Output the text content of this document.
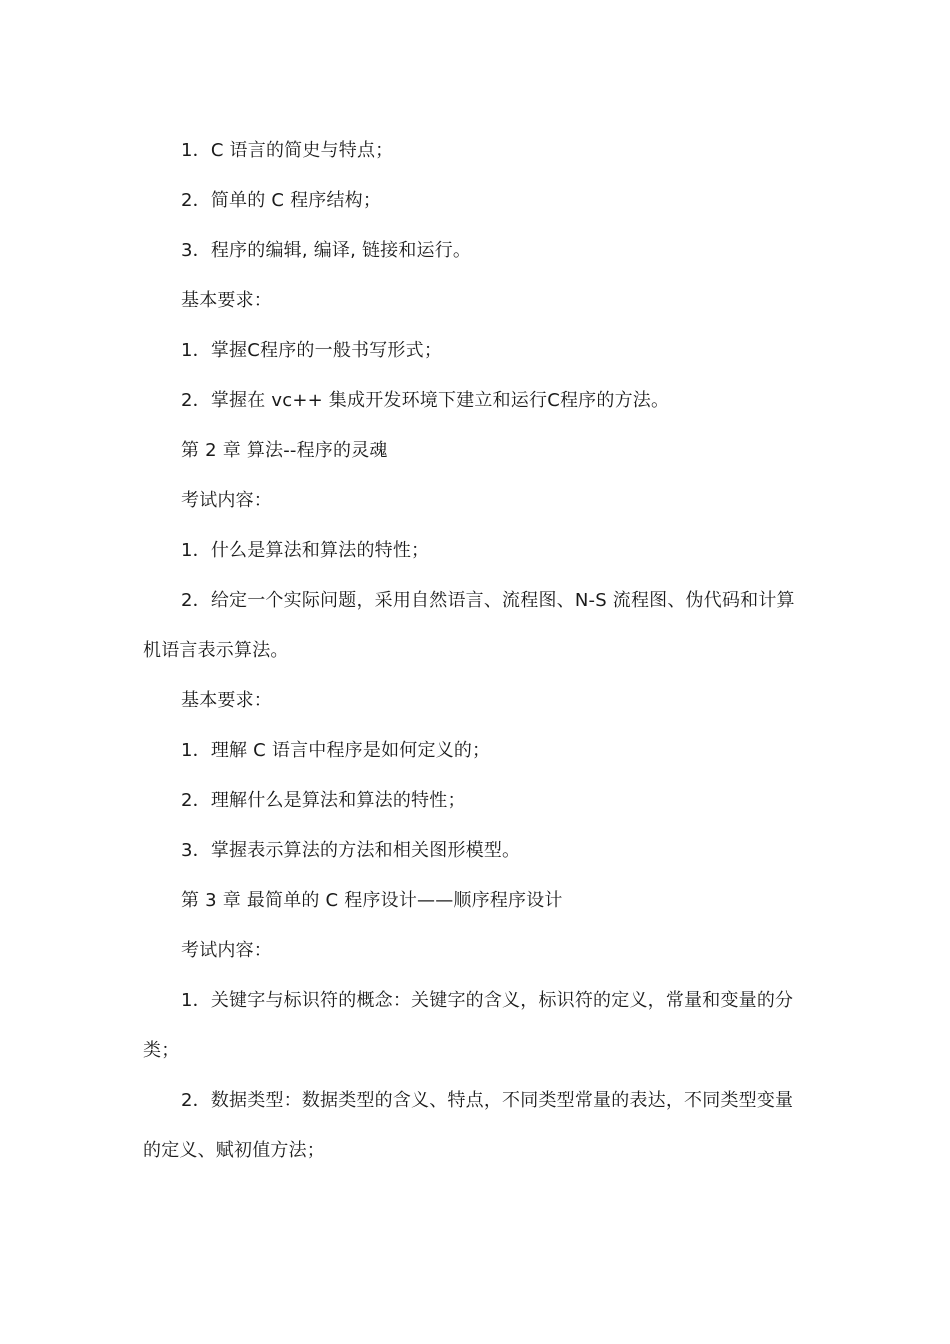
1．C 语言的简史与特点；

2．简单的 C 程序结构；

3．程序的编辑, 编译, 链接和运行。

基本要求：

1．掌握C程序的一般书写形式；

2．掌握在 vc++ 集成开发环境下建立和运行C程序的方法。

第 2 章 算法--程序的灵魂

考试内容：

1．什么是算法和算法的特性；

2．给定一个实际问题，采用自然语言、流程图、N-S 流程图、伪代码和计算机语言表示算法。

基本要求：

1．理解 C 语言中程序是如何定义的；

2．理解什么是算法和算法的特性；

3．掌握表示算法的方法和相关图形模型。

第 3 章 最简单的 C 程序设计——顺序程序设计

考试内容：

1．关键字与标识符的概念：关键字的含义，标识符的定义，常量和变量的分类；

2．数据类型：数据类型的含义、特点，不同类型常量的表达，不同类型变量的定义、赋初值方法；
